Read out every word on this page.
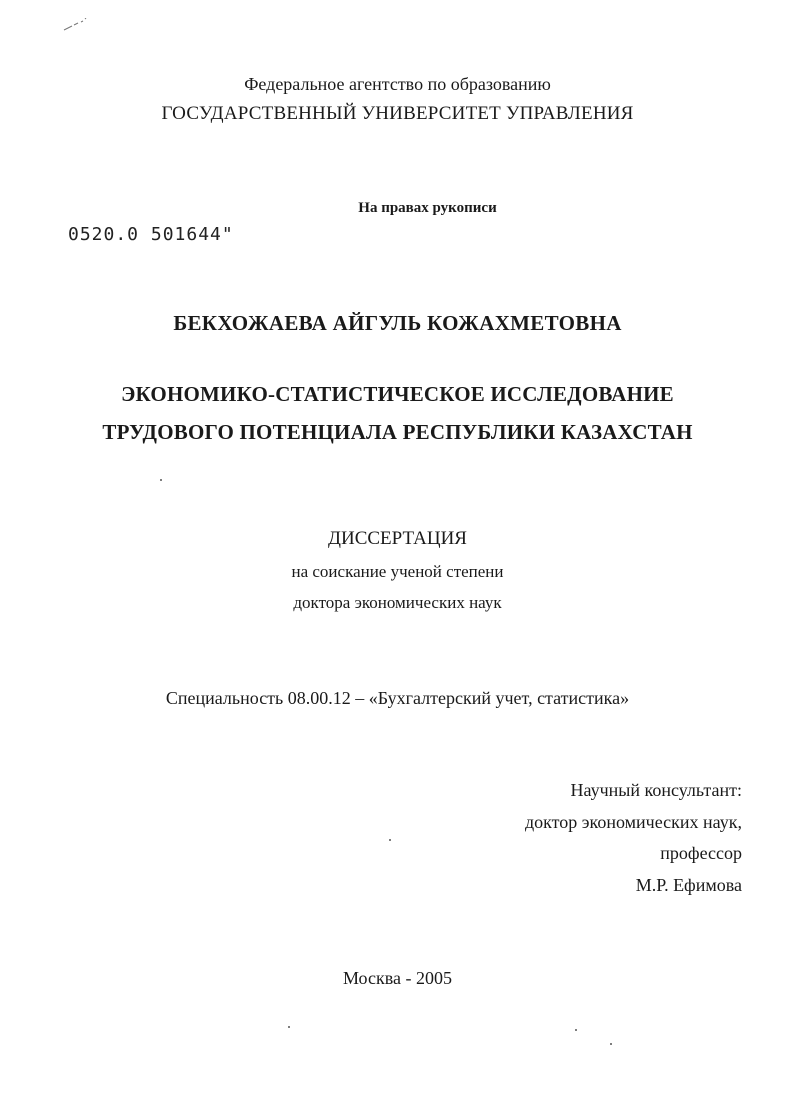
Федеральное агентство по образованию
ГОСУДАРСТВЕННЫЙ УНИВЕРСИТЕТ УПРАВЛЕНИЯ
На правах рукописи
0520.0 501644"
БЕКХОЖАЕВА АЙГУЛЬ КОЖАХМЕТОВНА
ЭКОНОМИКО-СТАТИСТИЧЕСКОЕ ИССЛЕДОВАНИЕ
ТРУДОВОГО ПОТЕНЦИАЛА РЕСПУБЛИКИ КАЗАХСТАН
ДИССЕРТАЦИЯ
на соискание ученой степени
доктора экономических наук
Специальность 08.00.12 – «Бухгалтерский учет, статистика»
Научный консультант:
доктор экономических наук,
профессор
М.Р. Ефимова
Москва - 2005
